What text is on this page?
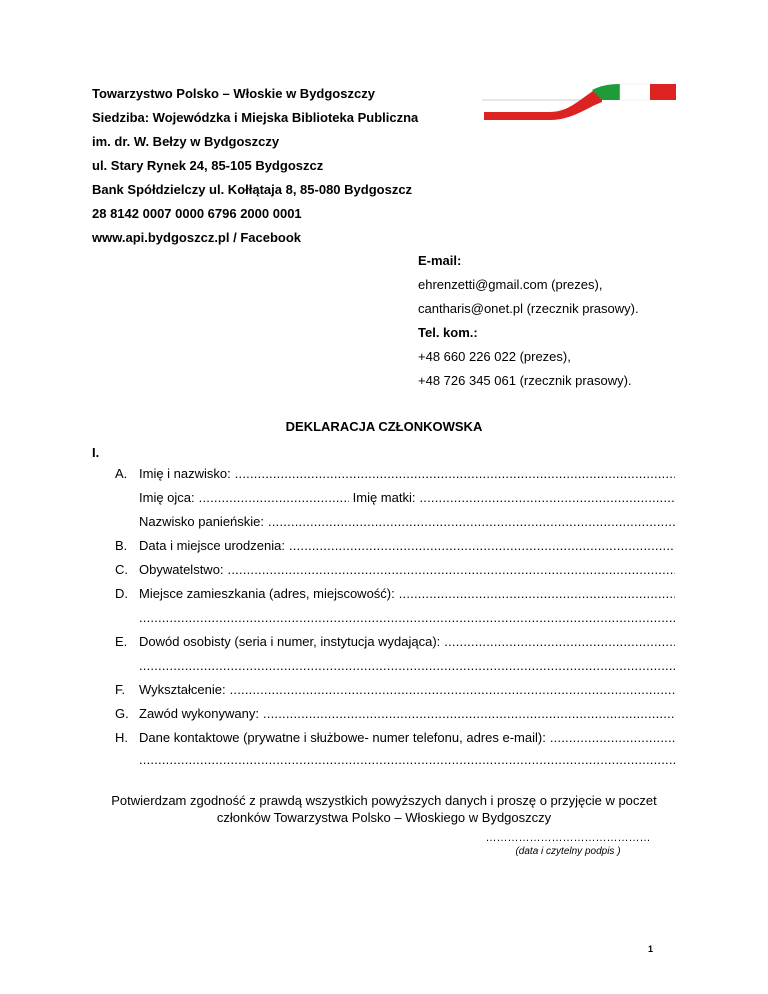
Towarzystwo Polsko – Włoskie w Bydgoszczy
Siedziba: Wojewódzka i Miejska Biblioteka Publiczna
im. dr. W. Bełzy w Bydgoszczy
ul. Stary Rynek 24, 85-105 Bydgoszcz
Bank Spółdzielczy ul. Kołłątaja 8, 85-080 Bydgoszcz
28 8142 0007 0000 6796 2000 0001
www.api.bydgoszcz.pl / Facebook
E-mail:
ehrenzetti@gmail.com (prezes),
cantharis@onet.pl (rzecznik prasowy).
Tel. kom.:
+48 660 226 022 (prezes),
+48 726 345 061 (rzecznik prasowy).
DEKLARACJA CZŁONKOWSKA
I.
A. Imię i nazwisko:
.....
Imię ojca:
.....	Imię matki:
.....
Nazwisko panieńskie:
.....
B. Data i miejsce urodzenia:
.....
C. Obywatelstwo:
.....
D. Miejsce zamieszkania (adres, miejscowość):
.....
.....
E. Dowód osobisty (seria i numer, instytucja wydająca):
.....
.....
F.	Wykształcenie:
.....
G. Zawód wykonywany:
.....
H. Dane kontaktowe (prywatne i służbowe- numer telefonu, adres e-mail):
.....
.....
Potwierdzam zgodność z prawdą wszystkich powyższych danych i proszę o przyjęcie w poczet
członków Towarzystwa Polsko – Włoskiego w Bydgoszczy
………………………………………
(data i czytelny podpis )
1
